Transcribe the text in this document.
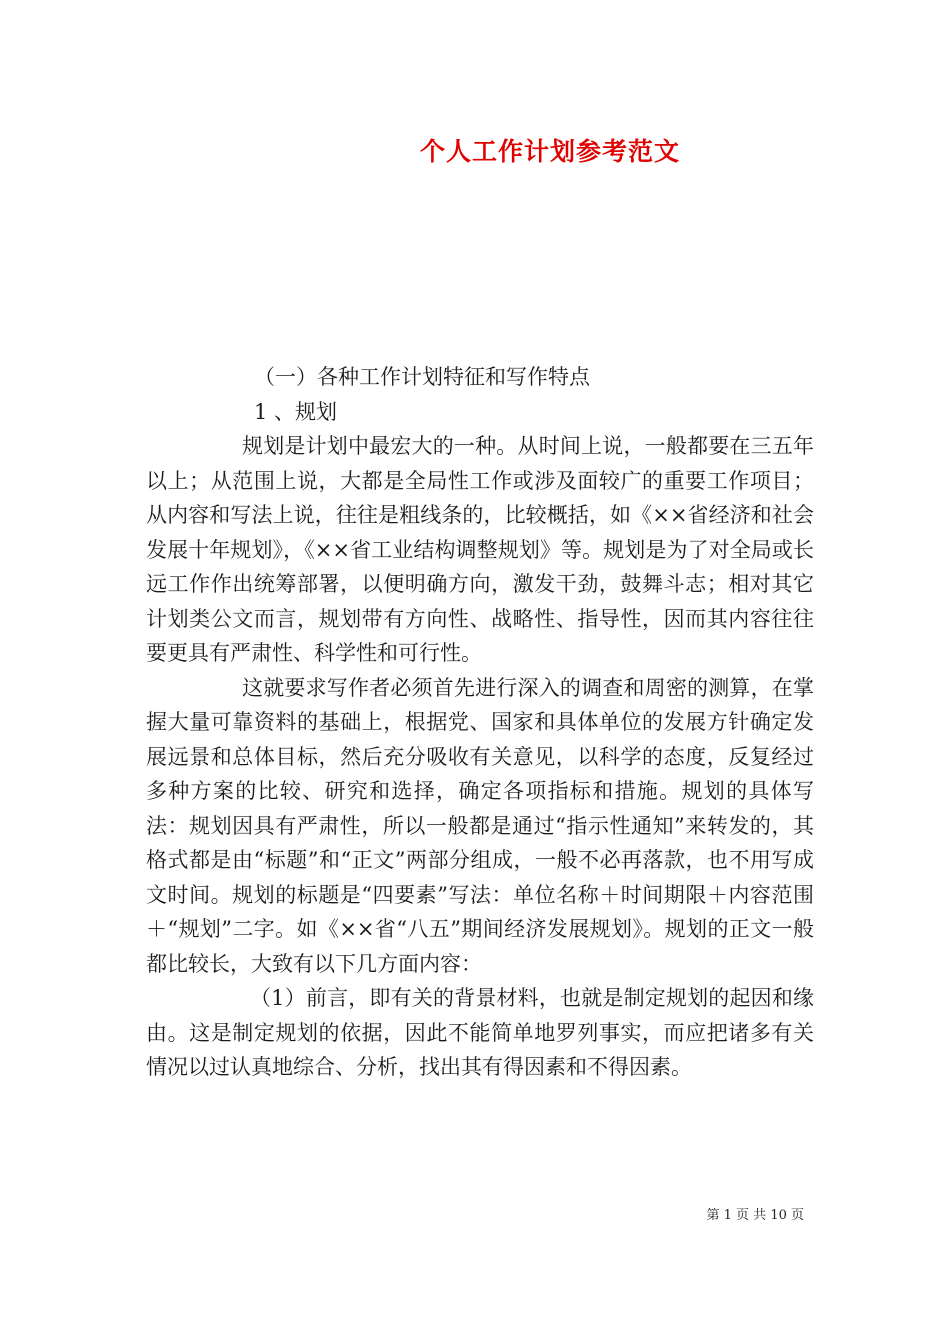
个人工作计划参考范文

（一）各种工作计划特征和写作特点

1 、规划

规划是计划中最宏大的一种。从时间上说，一般都要在三五年以上；从范围上说，大都是全局性工作或涉及面较广的重要工作项目；从内容和写法上说，往往是粗线条的，比较概括，如《××省经济和社会发展十年规划》，《××省工业结构调整规划》等。规划是为了对全局或长远工作作出统筹部署，以便明确方向，激发干劲，鼓舞斗志；相对其它计划类公文而言，规划带有方向性、战略性、指导性，因而其内容往往要更具有严肃性、科学性和可行性。

这就要求写作者必须首先进行深入的调查和周密的测算，在掌握大量可靠资料的基础上，根据党、国家和具体单位的发展方针确定发展远景和总体目标，然后充分吸收有关意见，以科学的态度，反复经过多种方案的比较、研究和选择，确定各项指标和措施。规划的具体写法：规划因具有严肃性，所以一般都是通过“指示性通知”来转发的，其格式都是由“标题”和“正文”两部分组成，一般不必再落款，也不用写成文时间。规划的标题是“四要素”写法：单位名称＋时间期限＋内容范围＋“规划”二字。如《××省“八五”期间经济发展规划》。规划的正文一般都比较长，大致有以下几方面内容：

（1）前言，即有关的背景材料，也就是制定规划的起因和缘由。这是制定规划的依据，因此不能简单地罗列事实，而应把诸多有关情况以过认真地综合、分析，找出其有得因素和不得因素。

第 1 页 共 10 页
